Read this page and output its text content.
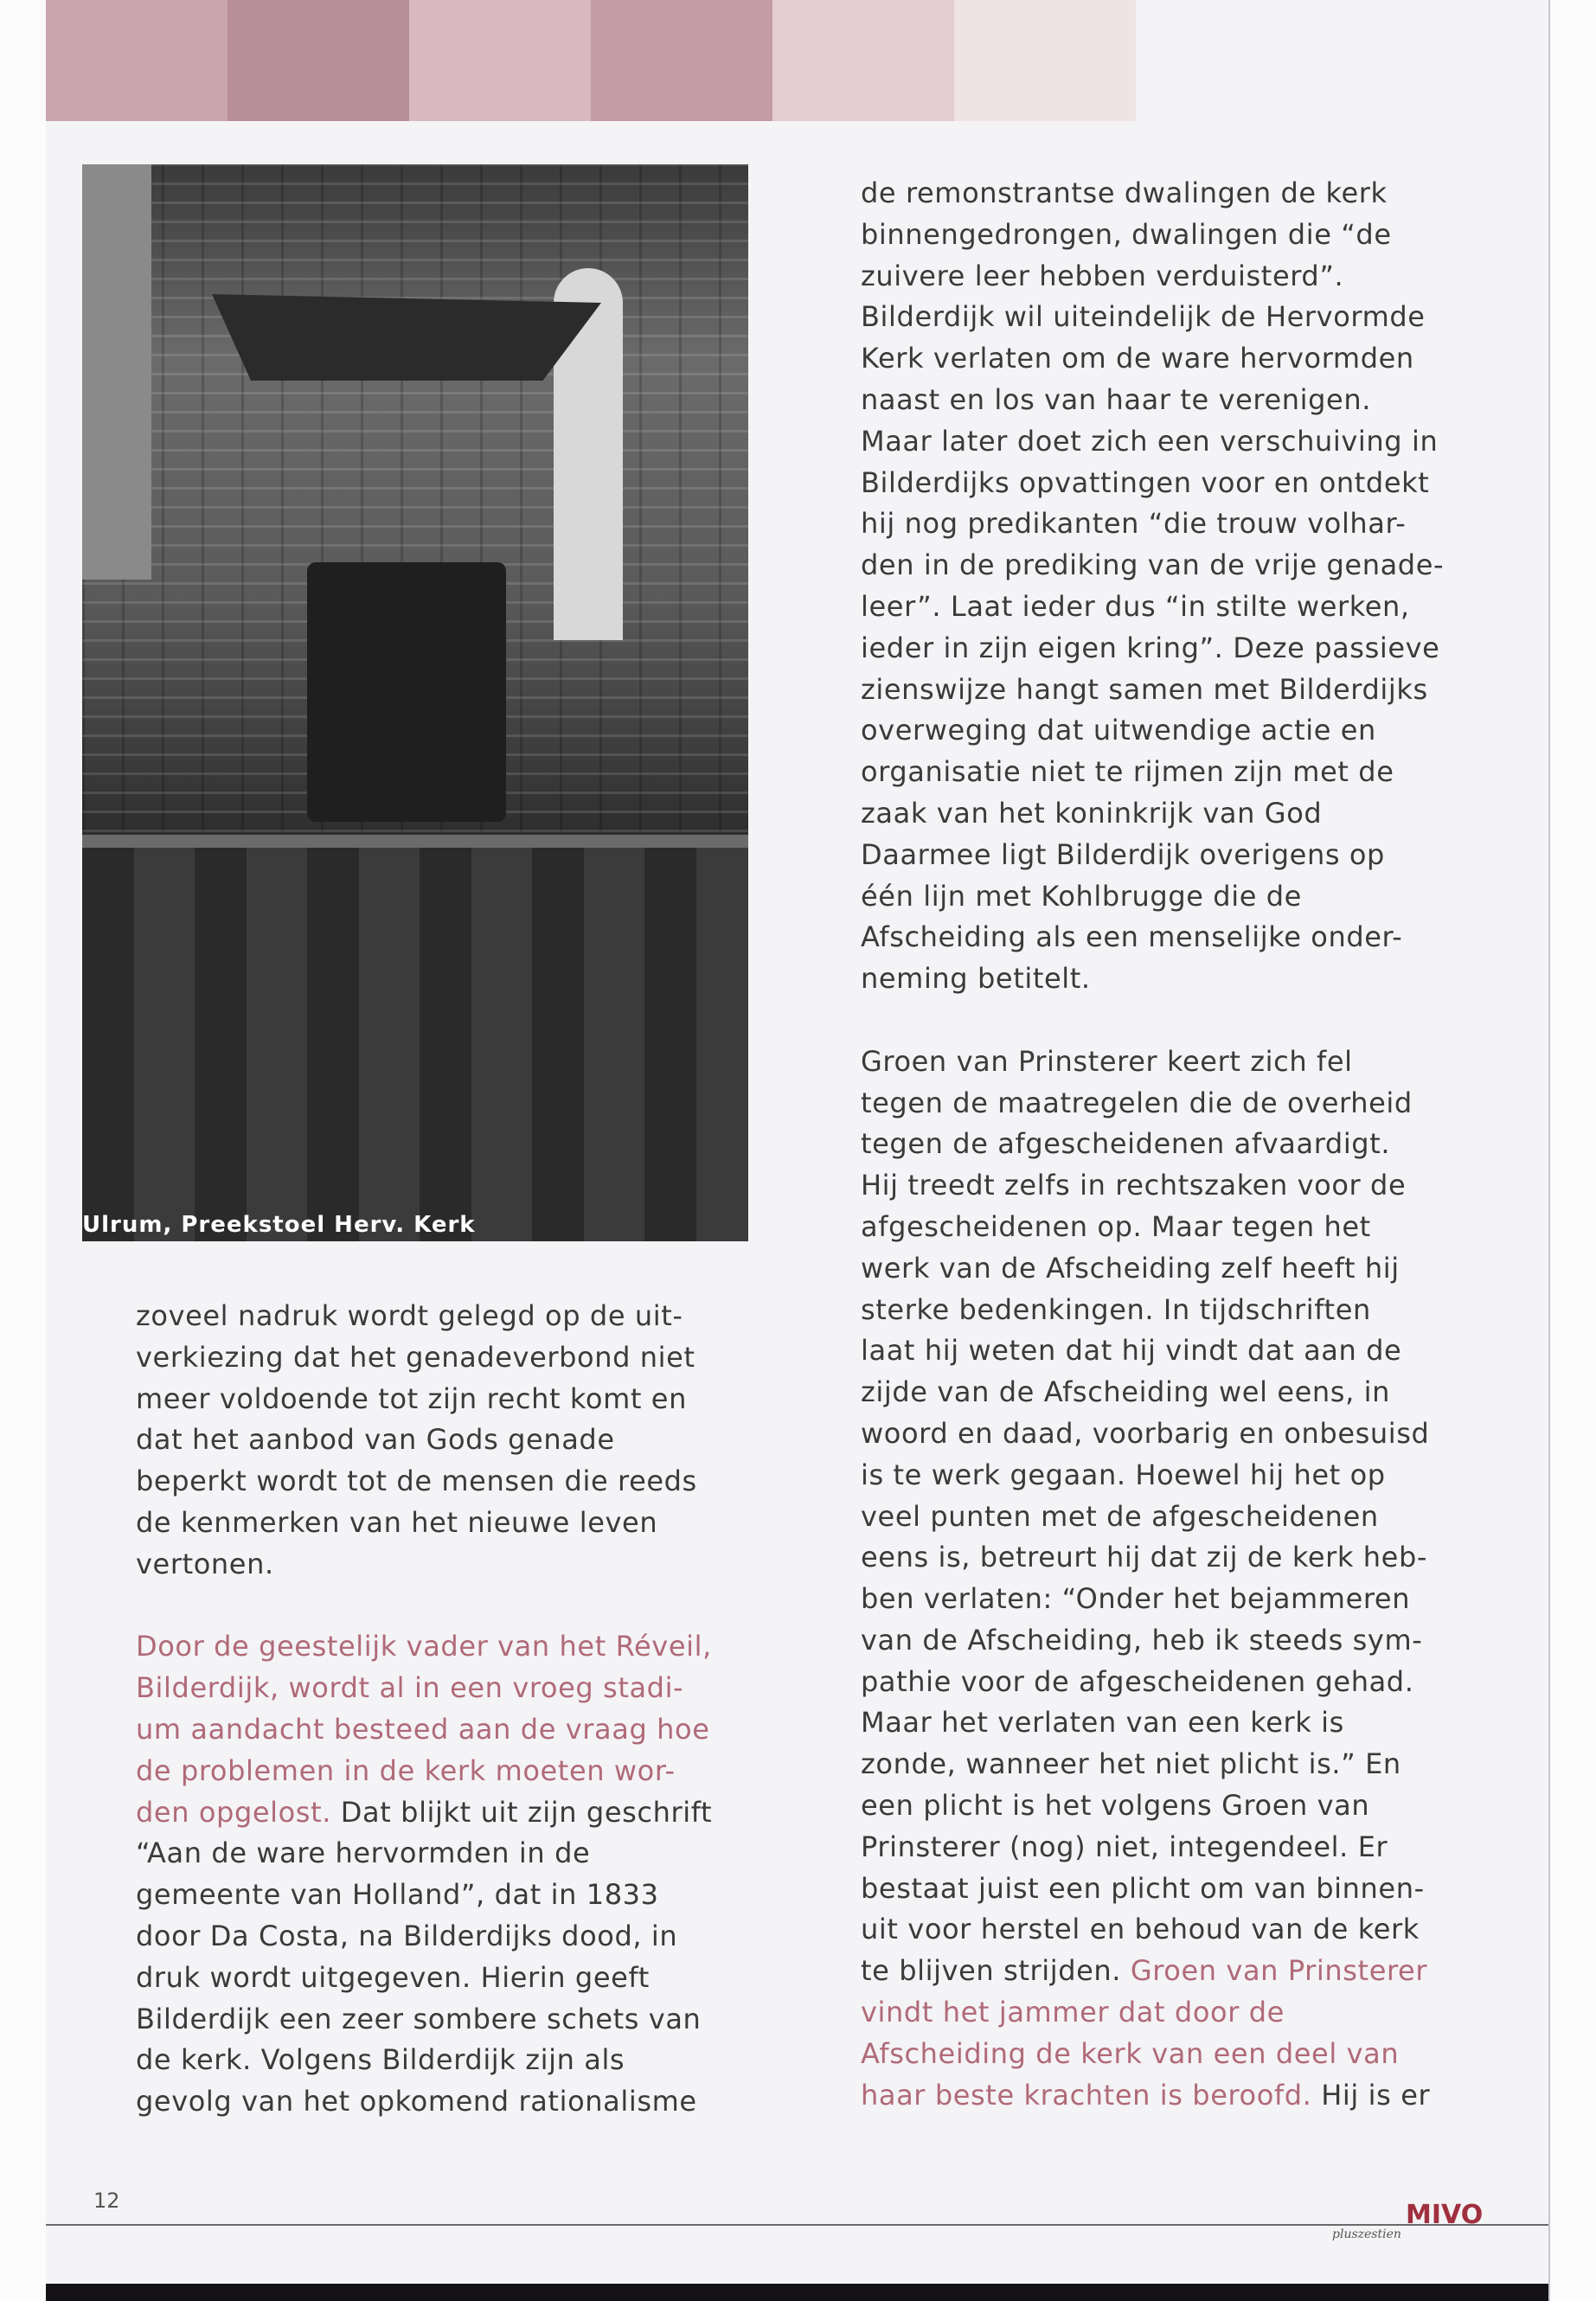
Ulrum, Preekstoel Herv. Kerk
zoveel nadruk wordt gelegd op de uit-
verkiezing dat het genadeverbond niet
meer voldoende tot zijn recht komt en
dat het aanbod van Gods genade
beperkt wordt tot de mensen die reeds
de kenmerken van het nieuwe leven
vertonen.
Door de geestelijk vader van het Réveil,
Bilderdijk, wordt al in een vroeg stadi-
um aandacht besteed aan de vraag hoe
de problemen in de kerk moeten wor-
den opgelost. Dat blijkt uit zijn geschrift
“Aan de ware hervormden in de
gemeente van Holland”, dat in 1833
door Da Costa, na Bilderdijks dood, in
druk wordt uitgegeven. Hierin geeft
Bilderdijk een zeer sombere schets van
de kerk. Volgens Bilderdijk zijn als
gevolg van het opkomend rationalisme
de remonstrantse dwalingen de kerk
binnengedrongen, dwalingen die “de
zuivere leer hebben verduisterd”.
Bilderdijk wil uiteindelijk de Hervormde
Kerk verlaten om de ware hervormden
naast en los van haar te verenigen.
Maar later doet zich een verschuiving in
Bilderdijks opvattingen voor en ontdekt
hij nog predikanten “die trouw volhar-
den in de prediking van de vrije genade-
leer”. Laat ieder dus “in stilte werken,
ieder in zijn eigen kring”. Deze passieve
zienswijze hangt samen met Bilderdijks
overweging dat uitwendige actie en
organisatie niet te rijmen zijn met de
zaak van het koninkrijk van God
Daarmee ligt Bilderdijk overigens op
één lijn met Kohlbrugge die de
Afscheiding als een menselijke onder-
neming betitelt.
Groen van Prinsterer keert zich fel
tegen de maatregelen die de overheid
tegen de afgescheidenen afvaardigt.
Hij treedt zelfs in rechtszaken voor de
afgescheidenen op. Maar tegen het
werk van de Afscheiding zelf heeft hij
sterke bedenkingen. In tijdschriften
laat hij weten dat hij vindt dat aan de
zijde van de Afscheiding wel eens, in
woord en daad, voorbarig en onbesuisd
is te werk gegaan. Hoewel hij het op
veel punten met de afgescheidenen
eens is, betreurt hij dat zij de kerk heb-
ben verlaten: “Onder het bejammeren
van de Afscheiding, heb ik steeds sym-
pathie voor de afgescheidenen gehad.
Maar het verlaten van een kerk is
zonde, wanneer het niet plicht is.” En
een plicht is het volgens Groen van
Prinsterer (nog) niet, integendeel. Er
bestaat juist een plicht om van binnen-
uit voor herstel en behoud van de kerk
te blijven strijden. Groen van Prinsterer
vindt het jammer dat door de
Afscheiding de kerk van een deel van
haar beste krachten is beroofd. Hij is er
12	MIVO
pluszestien
